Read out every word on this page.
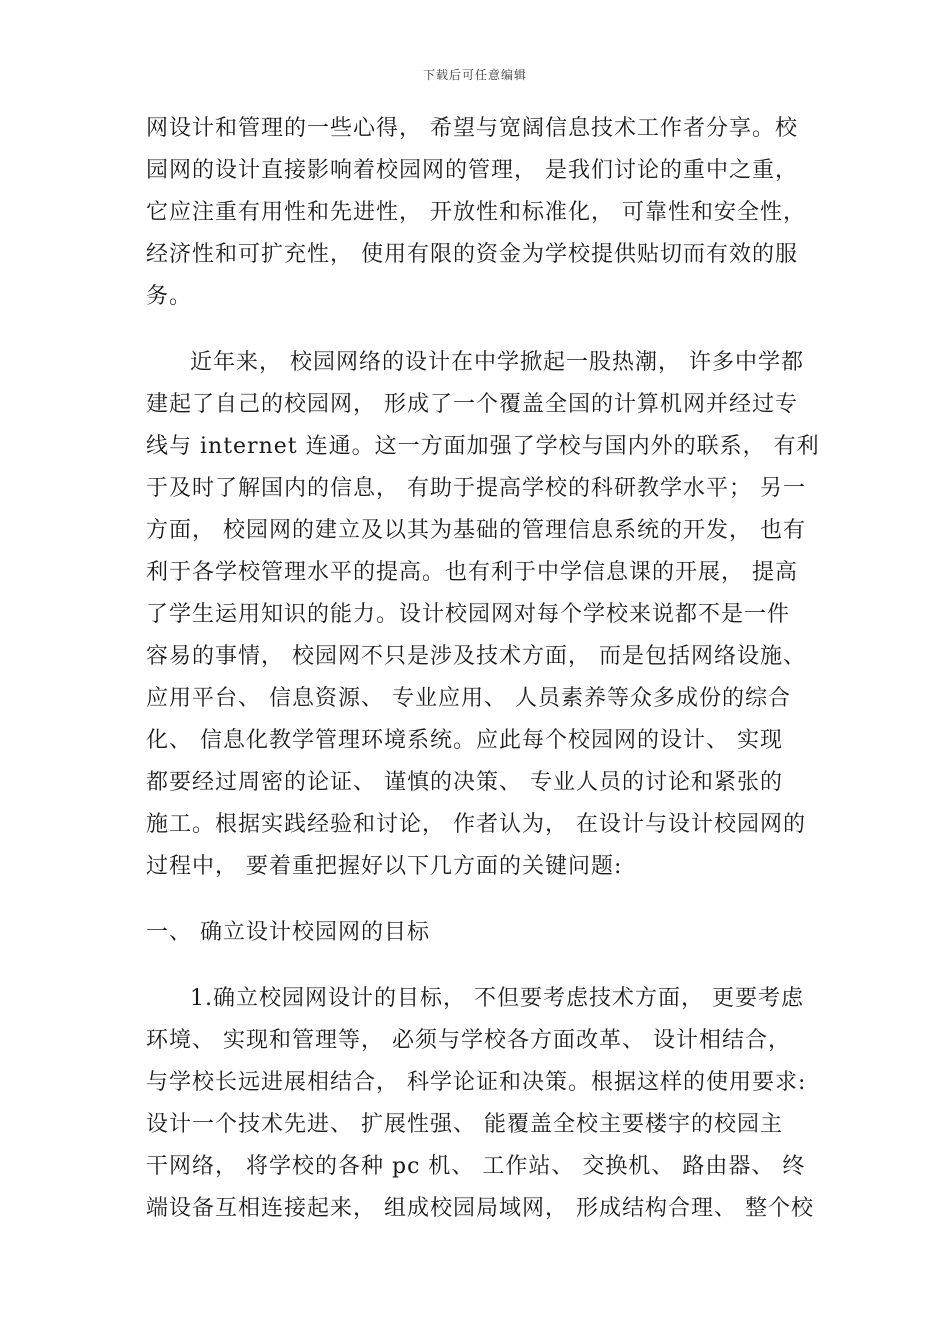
下载后可任意编辑
网设计和管理的一些心得， 希望与宽阔信息技术工作者分享。校
园网的设计直接影响着校园网的管理， 是我们讨论的重中之重，
它应注重有用性和先进性， 开放性和标准化， 可靠性和安全性，
经济性和可扩充性， 使用有限的资金为学校提供贴切而有效的服
务。
近年来， 校园网络的设计在中学掀起一股热潮， 许多中学都
建起了自己的校园网， 形成了一个覆盖全国的计算机网并经过专
线与 internet 连通。这一方面加强了学校与国内外的联系， 有利
于及时了解国内的信息， 有助于提高学校的科研教学水平； 另一
方面， 校园网的建立及以其为基础的管理信息系统的开发， 也有
利于各学校管理水平的提高。也有利于中学信息课的开展， 提高
了学生运用知识的能力。设计校园网对每个学校来说都不是一件
容易的事情， 校园网不只是涉及技术方面， 而是包括网络设施、
应用平台、 信息资源、 专业应用、 人员素养等众多成份的综合
化、 信息化教学管理环境系统。应此每个校园网的设计、 实现
都要经过周密的论证、 谨慎的决策、 专业人员的讨论和紧张的
施工。根据实践经验和讨论， 作者认为， 在设计与设计校园网的
过程中， 要着重把握好以下几方面的关键问题:
一、 确立设计校园网的目标
1.确立校园网设计的目标， 不但要考虑技术方面， 更要考虑
环境、 实现和管理等， 必须与学校各方面改革、 设计相结合，
与学校长远进展相结合， 科学论证和决策。根据这样的使用要求:
设计一个技术先进、 扩展性强、 能覆盖全校主要楼宇的校园主
干网络， 将学校的各种 pc 机、 工作站、 交换机、 路由器、 终
端设备互相连接起来， 组成校园局域网， 形成结构合理、 整个校
